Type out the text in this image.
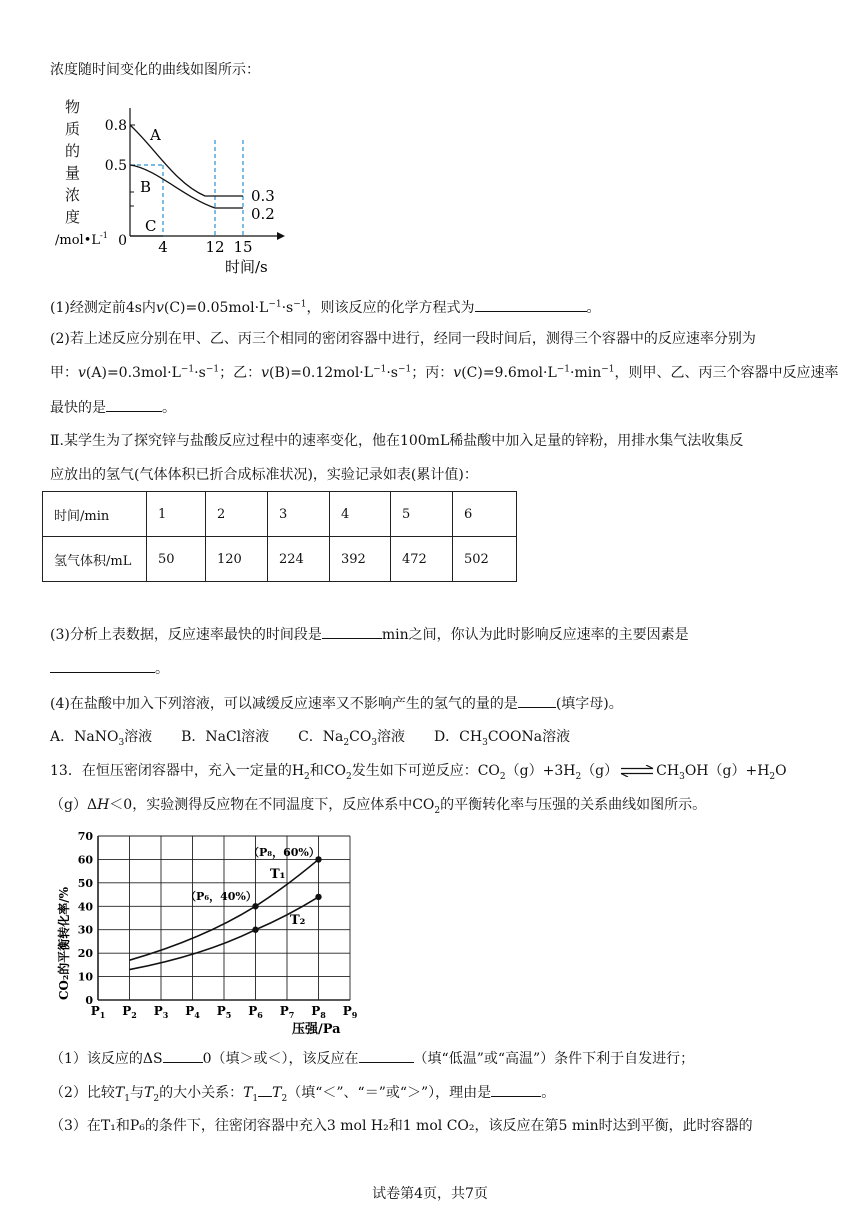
浓度随时间变化的曲线如图所示：
物
质
的
量
浓
度
$/mol•L^{-1}$
0.8
0.5
0
A
B
C
0.3
0.2
4	12 15
时间/s
(1)经测定前4s内$v(C)=0.05mol\cdot L^{-1}\cdot s^{-1}$，则该反应的化学方程式为	。
(2)若上述反应分别在甲、乙、丙三个相同的密闭容器中进行，经同一段时间后，测得三个容器中的反应速率分别为
甲：$v(A)=0.3mol\cdot L^{-1}\cdot s^{-1}$；乙：$v(B)=0.12mol\cdot L^{-1}\cdot s^{-1}$；丙：$v(C)=9.6mol\cdot L^{-1}\cdot\min^{-1}$，则甲、乙、丙三个容器中反应速率
最快的是	。
Ⅱ.某学生为了探究锌与盐酸反应过程中的速率变化，他在100mL稀盐酸中加入足量的锌粉，用排水集气法收集反
应放出的氢气(气体体积已折合成标准状况)，实验记录如表(累计值)：
时间/min	1	2	3	4	5	6
氢气体积/mL	50	120	224	392	472	502
(3)分析上表数据，反应速率最快的时间段是	min之间，你认为此时影响反应速率的主要因素是
。
(4)在盐酸中加入下列溶液，可以减缓反应速率又不影响产生的氢气的量的是	(填字母)。
A．NaNO$_3$溶液 B．NaCl溶液 C．$Na_2CO_3$溶液 D．$CH_3COONa$溶液
13．在恒压密闭容器中，充入一定量的$H_2$和$CO_2$发生如下可逆反应：$CO_2(g)+3H_2(g)$ ⇌ $CH_3OH(g)+H_2O$
（g）ΔH＜0，实验测得反应物在不同温度下，反应体系中$CO_2$的平衡转化率与压强的关系曲线如图所示。
CO₂的平衡转化率/%
70
60
50
40
30
20
10
0
$P_1$ $P_2$ $P_3$ $P_4$ $P_5$ $P_6$ $P_7$ $P_8$ $P_9$
压强/Pa
（P₈，60%）
（P₆，40%）
T₁
T₂
（1）该反应的ΔS	0（填＞或＜），该反应在	（填“低温”或“高温”）条件下利于自发进行；
（2）比较$T_1$与$T_2$的大小关系：$T_1$ $T_2$（填“＜”、“＝”或“＞”），理由是	。
（3）在T₁和P₆的条件下，往密闭容器中充入3 mol H₂和1 mol CO₂，该反应在第5 min时达到平衡，此时容器的
试卷第4页，共7页
